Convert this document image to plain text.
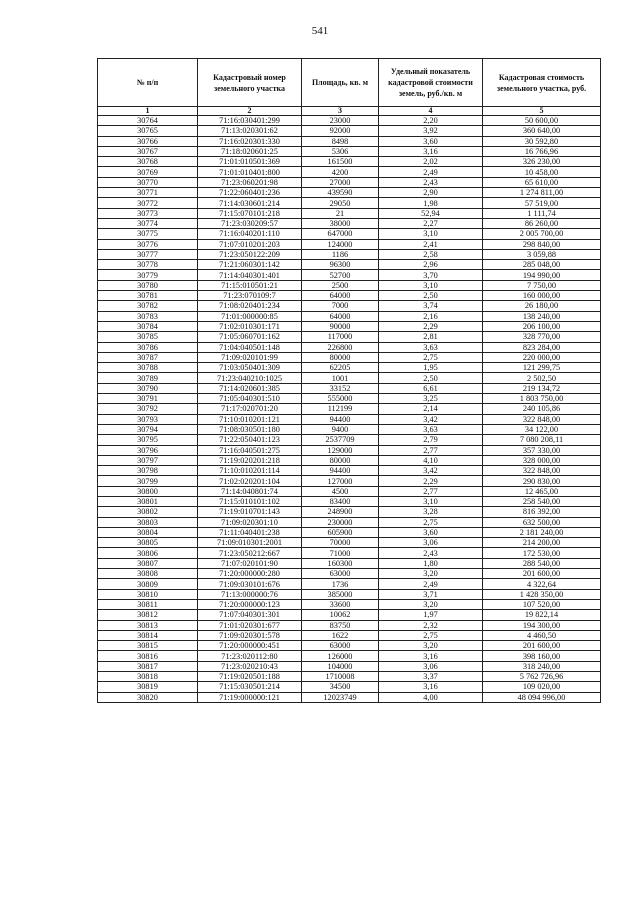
541
№ п/п	Кадастровый номер земельного участка	Площадь, кв. м	Удельный показатель кадастровой стоимости земель, руб./кв. м	Кадастровая стоимость земельного участка, руб.
1	2	3	4	5
30764	71:16:030401:299	23000	2,20	50 600,00
30765	71:13:020301:62	92000	3,92	360 640,00
30766	71:16:020301:330	8498	3,60	30 592,80
30767	71:18:020601:25	5306	3,16	16 766,96
30768	71:01:010501:369	161500	2,02	326 230,00
30769	71:01:010401:800	4200	2,49	10 458,00
30770	71:23:060201:98	27000	2,43	65 610,00
30771	71:22:060401:236	439590	2,90	1 274 811,00
30772	71:14:030601:214	29050	1,98	57 519,00
30773	71:15:070101:218	21	52,94	1 111,74
30774	71:23:030209:57	38000	2,27	86 260,00
30775	71:16:040201:110	647000	3,10	2 005 700,00
30776	71:07:010201:203	124000	2,41	298 840,00
30777	71:23:050122:209	1186	2,58	3 059,88
30778	71:21:060301:142	96300	2,96	285 048,00
30779	71:14:040301:401	52700	3,70	194 990,00
30780	71:15:010501:21	2500	3,10	7 750,00
30781	71:23:070109:7	64000	2,50	160 000,00
30782	71:08:020401:234	7000	3,74	26 180,00
30783	71:01:000000:85	64000	2,16	138 240,00
30784	71:02:010301:171	90000	2,29	206 100,00
30785	71:05:060701:162	117000	2,81	328 770,00
30786	71:04:040501:148	226800	3,63	823 284,00
30787	71:09:020101:99	80000	2,75	220 000,00
30788	71:03:050401:309	62205	1,95	121 299,75
30789	71:23:040210:1025	1001	2,50	2 502,50
30790	71:14:020601:385	33152	6,61	219 134,72
30791	71:05:040301:510	555000	3,25	1 803 750,00
30792	71:17:020701:20	112199	2,14	240 105,86
30793	71:10:010201:121	94400	3,42	322 848,00
30794	71:08:030501:180	9400	3,63	34 122,00
30795	71:22:050401:123	2537709	2,79	7 080 208,11
30796	71:16:040501:275	129000	2,77	357 330,00
30797	71:19:020201:218	80000	4,10	328 000,00
30798	71:10:010201:114	94400	3,42	322 848,00
30799	71:02:020201:104	127000	2,29	290 830,00
30800	71:14:040801:74	4500	2,77	12 465,00
30801	71:15:010101:102	83400	3,10	258 540,00
30802	71:19:010701:143	248900	3,28	816 392,00
30803	71:09:020301:10	230000	2,75	632 500,00
30804	71:11:040401:238	605900	3,60	2 181 240,00
30805	71:09:010301:2001	70000	3,06	214 200,00
30806	71:23:050212:667	71000	2,43	172 530,00
30807	71:07:020101:90	160300	1,80	288 540,00
30808	71:20:000000:280	63000	3,20	201 600,00
30809	71:09:030101:676	1736	2,49	4 322,64
30810	71:13:000000:76	385000	3,71	1 428 350,00
30811	71:20:000000:123	33600	3,20	107 520,00
30812	71:07:040301:301	10062	1,97	19 822,14
30813	71:01:020301:677	83750	2,32	194 300,00
30814	71:09:020301:578	1622	2,75	4 460,50
30815	71:20:000000:451	63000	3,20	201 600,00
30816	71:23:020112:80	126000	3,16	398 160,00
30817	71:23:020210:43	104000	3,06	318 240,00
30818	71:19:020501:188	1710008	3,37	5 762 726,96
30819	71:15:030501:214	34500	3,16	109 020,00
30820	71:19:000000:121	12023749	4,00	48 094 996,00
